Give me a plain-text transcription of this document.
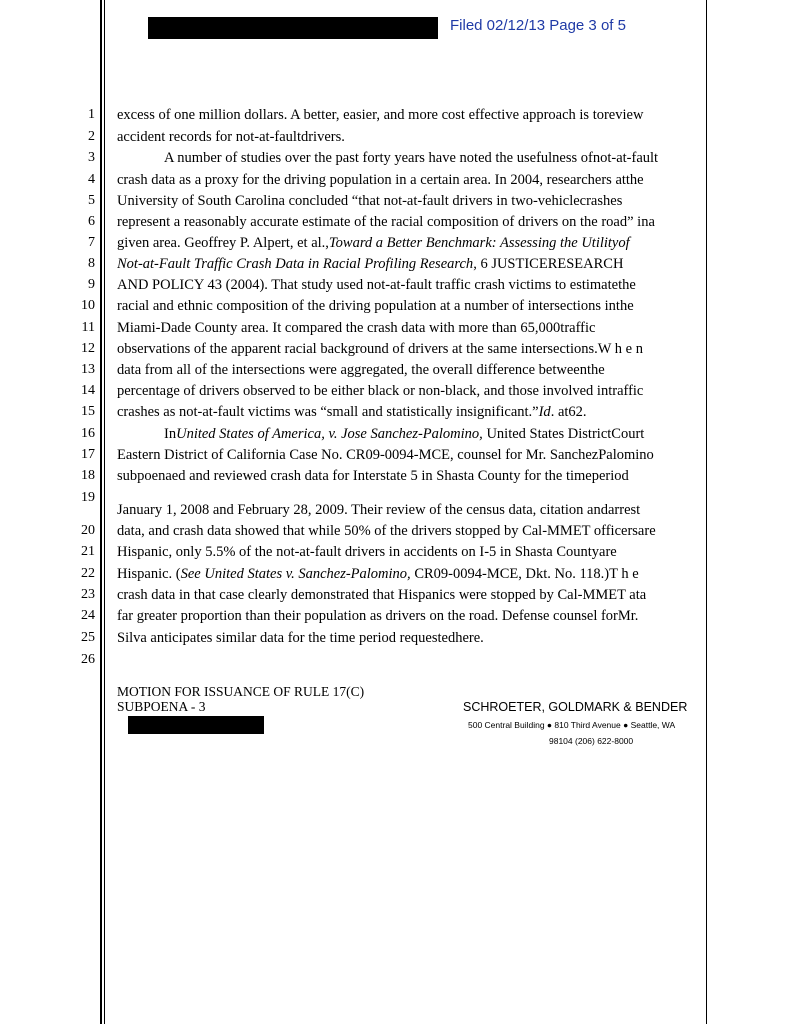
Filed 02/12/13 Page 3 of 5
1
2
3
4
5
6
7
8
9
10
11
12
13
14
15
16
17
18
19
20
21
22
23
24
25
26
excess of one million dollars. A better, easier, and more cost effective approach is toreview
accident records for not-at-faultdrivers.
A number of studies over the past forty years have noted the usefulness ofnot-at-fault
crash data as a proxy for the driving population in a certain area. In 2004, researchers atthe
University of South Carolina concluded “that not-at-fault drivers in two-vehiclecrashes
represent a reasonably accurate estimate of the racial composition of drivers on the road” ina
given area. Geoffrey P. Alpert, et al.,Toward a Better Benchmark: Assessing the Utilityof
Not-at-Fault Traffic Crash Data in Racial Profiling Research, 6 JUSTICERESEARCH
AND POLICY 43 (2004). That study used not-at-fault traffic crash victims to estimatethe
racial and ethnic composition of the driving population at a number of intersections inthe
Miami-Dade County area. It compared the crash data with more than 65,000traffic
observations of the apparent racial background of drivers at the same intersections.W h e n
data from all of the intersections were aggregated, the overall difference betweenthe
percentage of drivers observed to be either black or non-black, and those involved intraffic
crashes as not-at-fault victims was “small and statistically insignificant.”Id. at62.
InUnited States of America, v. Jose Sanchez-Palomino, United States DistrictCourt
Eastern District of California Case No. CR09-0094-MCE, counsel for Mr. SanchezPalomino
subpoenaed and reviewed crash data for Interstate 5 in Shasta County for the timeperiod
January 1, 2008 and February 28, 2009. Their review of the census data, citation andarrest
data, and crash data showed that while 50% of the drivers stopped by Cal-MMET officersare
Hispanic, only 5.5% of the not-at-fault drivers in accidents on I-5 in Shasta Countyare
Hispanic. (See United States v. Sanchez-Palomino, CR09-0094-MCE, Dkt. No. 118.)T h e
crash data in that case clearly demonstrated that Hispanics were stopped by Cal-MMET ata
far greater proportion than their population as drivers on the road. Defense counsel forMr.
Silva anticipates similar data for the time period requestedhere.
MOTION FOR ISSUANCE OF RULE 17(C)
SUBPOENA - 3	SCHROETER, GOLDMARK & BENDER
500 Central Building ● 810 Third Avenue ● Seattle, WA
98104 (206) 622-8000
